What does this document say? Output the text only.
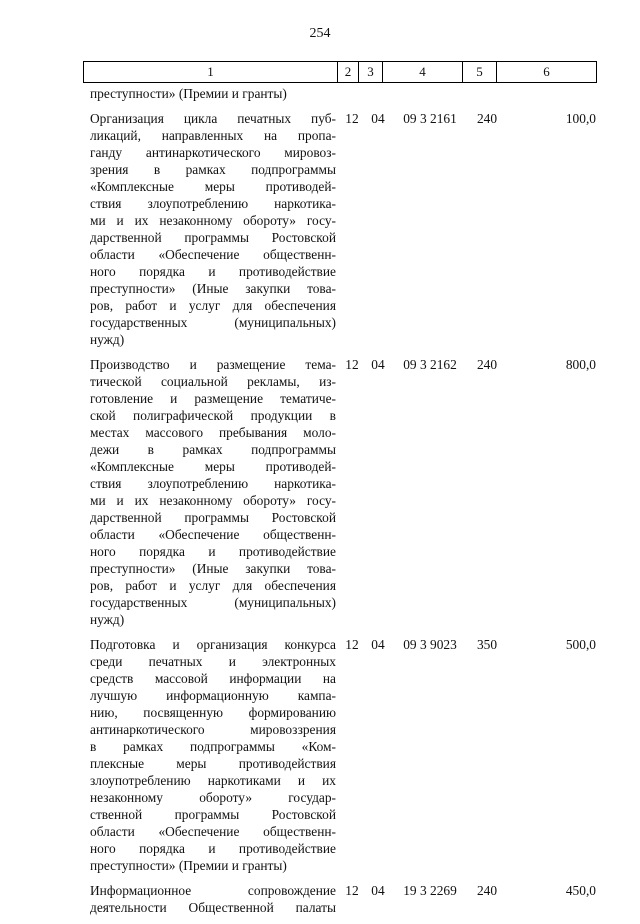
254
1	2	3	4	5	6
преступности» (Премии и гранты)
Организация цикла печатных пуб-
ликаций, направленных на пропа-
ганду антинаркотического мировоз-
зрения в рамках подпрограммы
«Комплексные меры противодей-
ствия злоупотреблению наркотика-
ми и их незаконному обороту» госу-
дарственной программы Ростовской
области «Обеспечение общественн-
ного порядка и противодействие
преступности» (Иные закупки това-
ров, работ и услуг для обеспечения
государственных (муниципальных)
нужд)
12 04	09 3 2161	240	100,0
Производство и размещение тема-
тической социальной рекламы, из-
готовление и размещение тематиче-
ской полиграфической продукции в
местах массового пребывания моло-
дежи в рамках подпрограммы
«Комплексные меры противодей-
ствия злоупотреблению наркотика-
ми и их незаконному обороту» госу-
дарственной программы Ростовской
области «Обеспечение общественн-
ного порядка и противодействие
преступности» (Иные закупки това-
ров, работ и услуг для обеспечения
государственных (муниципальных)
нужд)
12 04	09 3 2162	240	800,0
Подготовка и организация конкурса
среди печатных и электронных
средств массовой информации на
лучшую информационную кампа-
нию, посвященную формированию
антинаркотического мировоззрения
в рамках подпрограммы «Ком-
плексные меры противодействия
злоупотреблению наркотиками и их
незаконному обороту» государ-
ственной программы Ростовской
области «Обеспечение общественн-
ного порядка и противодействие
преступности» (Премии и гранты)
12 04	09 3 9023	350	500,0
Информационное сопровождение
деятельности Общественной палаты
12 04	19 3 2269	240	450,0
